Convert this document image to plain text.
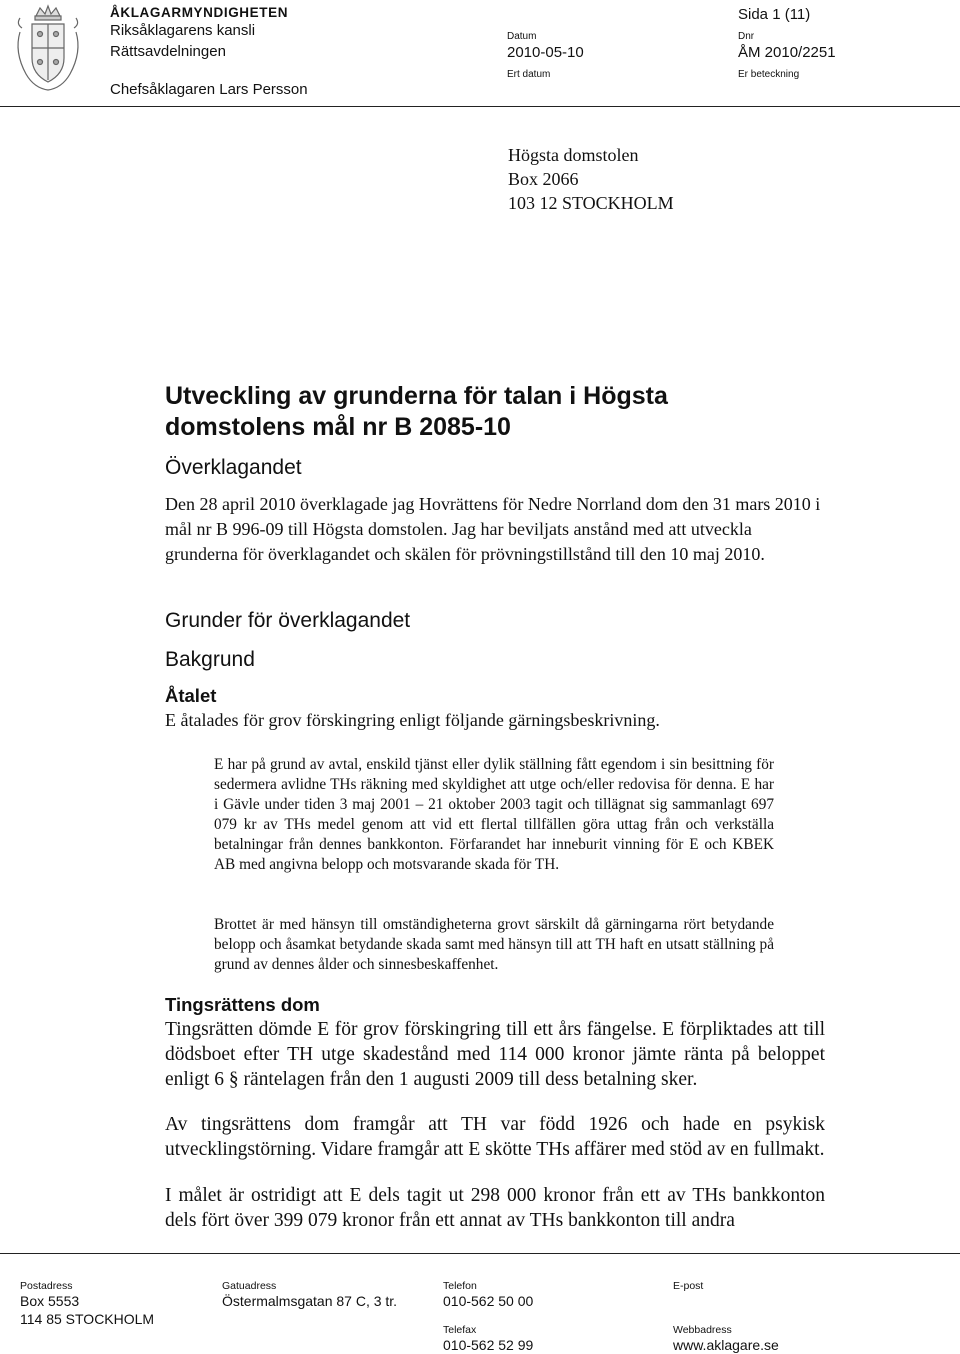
ÅKLAGARMYNDIGHETEN
Riksåklagarens kansli
Rättsavdelningen
Chefsåklagaren Lars Persson
Datum
2010-05-10
Ert datum
Sida 1 (11)
Dnr
ÅM 2010/2251
Er beteckning
Högsta domstolen
Box 2066
103 12 STOCKHOLM
Utveckling av grunderna för talan i Högsta domstolens mål nr B 2085-10
Överklagandet
Den 28 april 2010 överklagade jag Hovrättens för Nedre Norrland dom den 31 mars 2010 i mål nr B 996-09 till Högsta domstolen. Jag har beviljats anstånd med att utveckla grunderna för överklagandet och skälen för prövningstillstånd till den 10 maj 2010.
Grunder för överklagandet
Bakgrund
Åtalet
E åtalades för grov förskingring enligt följande gärningsbeskrivning.
E har på grund av avtal, enskild tjänst eller dylik ställning fått egendom i sin besittning för sedermera avlidne THs räkning med skyldighet att utge och/eller redovisa för denna. E har i Gävle under tiden 3 maj 2001 – 21 oktober 2003 tagit och tillägnat sig sammanlagt 697 079 kr av THs medel genom att vid ett flertal tillfällen göra uttag från och verkställa betalningar från dennes bankkonton. Förfarandet har inneburit vinning för E och KBEK AB med angivna belopp och motsvarande skada för TH.
Brottet är med hänsyn till omständigheterna grovt särskilt då gärningarna rört betydande belopp och åsamkat betydande skada samt med hänsyn till att TH haft en utsatt ställning på grund av dennes ålder och sinnesbeskaffenhet.
Tingsrättens dom
Tingsrätten dömde E för grov förskingring till ett års fängelse. E förpliktades att till dödsboet efter TH utge skadestånd med 114 000 kronor jämte ränta på beloppet enligt 6 § räntelagen från den 1 augusti 2009 till dess betalning sker.
Av tingsrättens dom framgår att TH var född 1926 och hade en psykisk utvecklingstörning. Vidare framgår att E skötte THs affärer med stöd av en fullmakt.
I målet är ostridigt att E dels tagit ut 298 000 kronor från ett av THs bankkonton dels fört över 399 079 kronor från ett annat av THs bankkonton till andra
Postadress
Box 5553
114 85 STOCKHOLM
Gatuadress
Östermalmsgatan 87 C, 3 tr.
Telefon
010-562 50 00
Telefax
010-562 52 99
E-post
Webbadress
www.aklagare.se
